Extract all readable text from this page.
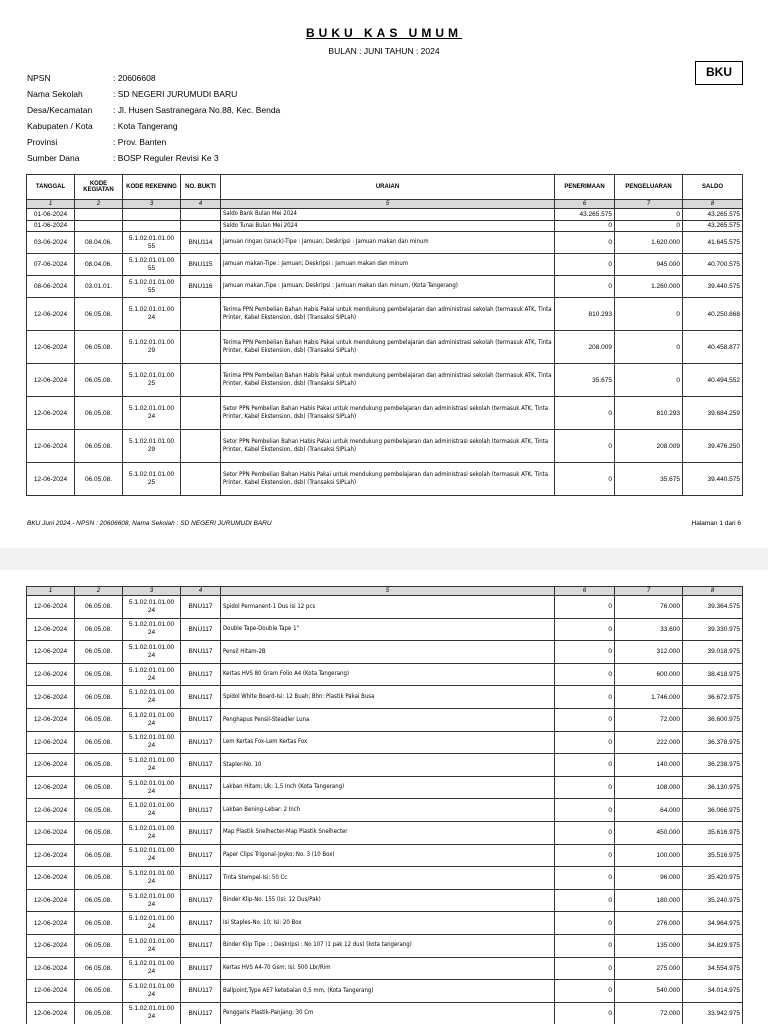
BUKU KAS UMUM
BULAN : JUNI TAHUN : 2024
BKU
NPSN	: 20606608
Nama Sekolah	: SD NEGERI JURUMUDI BARU
Desa/Kecamatan	: Jl. Husen Sastranegara No.88, Kec. Benda
Kabupaten / Kota	: Kota Tangerang
Provinsi	: Prov. Banten
Sumber Dana	: BOSP Reguler Revisi Ke 3
TANGGAL	KODE KEGIATAN	KODE REKENING	NO. BUKTI	URAIAN	PENERIMAAN	PENGELUARAN	SALDO
1	2	3	4	5	6	7	8
01-06-2024				Saldo Bank Bulan Mei 2024	43.265.575	0	43.265.575
01-06-2024				Saldo Tunai Bulan Mei 2024	0	0	43.265.575
03-06-2024	08.04.06.	5.1.02.01.01.00 55	BNU114	Jamuan ringan (snack)-Tipe : Jamuan; Deskripsi : Jamuan makan dan minum	0	1.620.000	41.645.575
07-06-2024	08.04.06.	5.1.02.01.01.00 55	BNU115	Jamuan makan-Tipe : Jamuan; Deskripsi : Jamuan makan dan minum	0	945.000	40.700.575
08-06-2024	03.01.01.	5.1.02.01.01.00 55	BNU116	Jamuan makan,Tipe : Jamuan; Deskripsi : Jamuan makan dan minum, (Kota Tangerang)	0	1.260.000	39.440.575
12-06-2024	06.05.08.	5.1.02.01.01.00 24		Terima PPN Pembelian Bahan Habis Pakai untuk mendukung pembelajaran dan administrasi sekolah (termasuk ATK, Tinta Printer, Kabel Ekstension, dsb) (Transaksi SIPLah)	810.293	0	40.250.868
12-06-2024	06.05.08.	5.1.02.01.01.00 29		Terima PPN Pembelian Bahan Habis Pakai untuk mendukung pembelajaran dan administrasi sekolah (termasuk ATK, Tinta Printer, Kabel Ekstension, dsb) (Transaksi SIPLah)	208.009	0	40.458.877
12-06-2024	06.05.08.	5.1.02.01.01.00 25		Terima PPN Pembelian Bahan Habis Pakai untuk mendukung pembelajaran dan administrasi sekolah (termasuk ATK, Tinta Printer, Kabel Ekstension, dsb) (Transaksi SIPLah)	35.675	0	40.494.552
12-06-2024	06.05.08.	5.1.02.01.01.00 24		Setor PPN Pembelian Bahan Habis Pakai untuk mendukung pembelajaran dan administrasi sekolah (termasuk ATK, Tinta Printer, Kabel Ekstension, dsb) (Transaksi SIPLah)	0	810.293	39.684.259
12-06-2024	06.05.08.	5.1.02.01.01.00 29		Setor PPN Pembelian Bahan Habis Pakai untuk mendukung pembelajaran dan administrasi sekolah (termasuk ATK, Tinta Printer, Kabel Ekstension, dsb) (Transaksi SIPLah)	0	208.009	39.476.250
12-06-2024	06.05.08.	5.1.02.01.01.00 25		Setor PPN Pembelian Bahan Habis Pakai untuk mendukung pembelajaran dan administrasi sekolah (termasuk ATK, Tinta Printer, Kabel Ekstension, dsb) (Transaksi SIPLah)	0	35.675	39.440.575
BKU Juni 2024 - NPSN : 20606608, Nama Sekolah : SD NEGERI JURUMUDI BARU	Halaman 1 dari 6
1	2	3	4	5	6	7	8
12-06-2024	06.05.08.	5.1.02.01.01.00 24	BNU117	Spidol Permanent-1 Dus isi 12 pcs	0	76.000	39.364.575
12-06-2024	06.05.08.	5.1.02.01.01.00 24	BNU117	Double Tape-Double Tape 1"	0	33.600	39.330.975
12-06-2024	06.05.08.	5.1.02.01.01.00 24	BNU117	Pensil Hitam-2B	0	312.000	39.018.975
12-06-2024	06.05.08.	5.1.02.01.01.00 24	BNU117	Kertas HVS 80 Gram Folio A4 (Kota Tangerang)	0	600.000	38.418.975
12-06-2024	06.05.08.	5.1.02.01.01.00 24	BNU117	Spidol White Board-Isi: 12 Buah; Bhn: Plastik Pakai Busa	0	1.746.000	36.672.975
12-06-2024	06.05.08.	5.1.02.01.01.00 24	BNU117	Penghapus Pensil-Steadler Luna	0	72.000	36.600.975
12-06-2024	06.05.08.	5.1.02.01.01.00 24	BNU117	Lem Kertas Fox-Lem Kertas Fox	0	222.000	36.378.975
12-06-2024	06.05.08.	5.1.02.01.01.00 24	BNU117	Stapler-No. 10	0	140.000	36.238.975
12-06-2024	06.05.08.	5.1.02.01.01.00 24	BNU117	Lakban Hitam; Uk: 1,5 Inch (Kota Tangerang)	0	108.000	36.130.975
12-06-2024	06.05.08.	5.1.02.01.01.00 24	BNU117	Lakban Bening-Lebar: 2 Inch	0	64.000	36.066.975
12-06-2024	06.05.08.	5.1.02.01.01.00 24	BNU117	Map Plastik Snelhecter-Map Plastik Snelhecter	0	450.000	35.616.975
12-06-2024	06.05.08.	5.1.02.01.01.00 24	BNU117	Paper Clips Trigonal-Joyko; No. 3 (10 Box)	0	100.000	35.516.975
12-06-2024	06.05.08.	5.1.02.01.01.00 24	BNU117	Tinta Stempel-Isi: 50 Cc	0	96.000	35.420.975
12-06-2024	06.05.08.	5.1.02.01.01.00 24	BNU117	Binder Klip-No. 155 (Isi: 12 Dus/Pak)	0	180.000	35.240.975
12-06-2024	06.05.08.	5.1.02.01.01.00 24	BNU117	Isi Staples-No. 10; Isi: 20 Box	0	276.000	34.964.975
12-06-2024	06.05.08.	5.1.02.01.01.00 24	BNU117	Binder Klip Tipe : ; Deskripsi : No 107 (1 pak 12 dus) (kota tangerang)	0	135.000	34.829.975
12-06-2024	06.05.08.	5.1.02.01.01.00 24	BNU117	Kertas HVS A4-70 Gsm; Isi: 500 Lbr/Rim	0	275.000	34.554.975
12-06-2024	06.05.08.	5.1.02.01.01.00 24	BNU117	Ballpoint,Type AE7 ketebalan 0,5 mm, (Kota Tangerang)	0	540.000	34.014.975
12-06-2024	06.05.08.	5.1.02.01.01.00 24	BNU117	Penggaris Plastik-Panjang: 30 Cm	0	72.000	33.942.975
